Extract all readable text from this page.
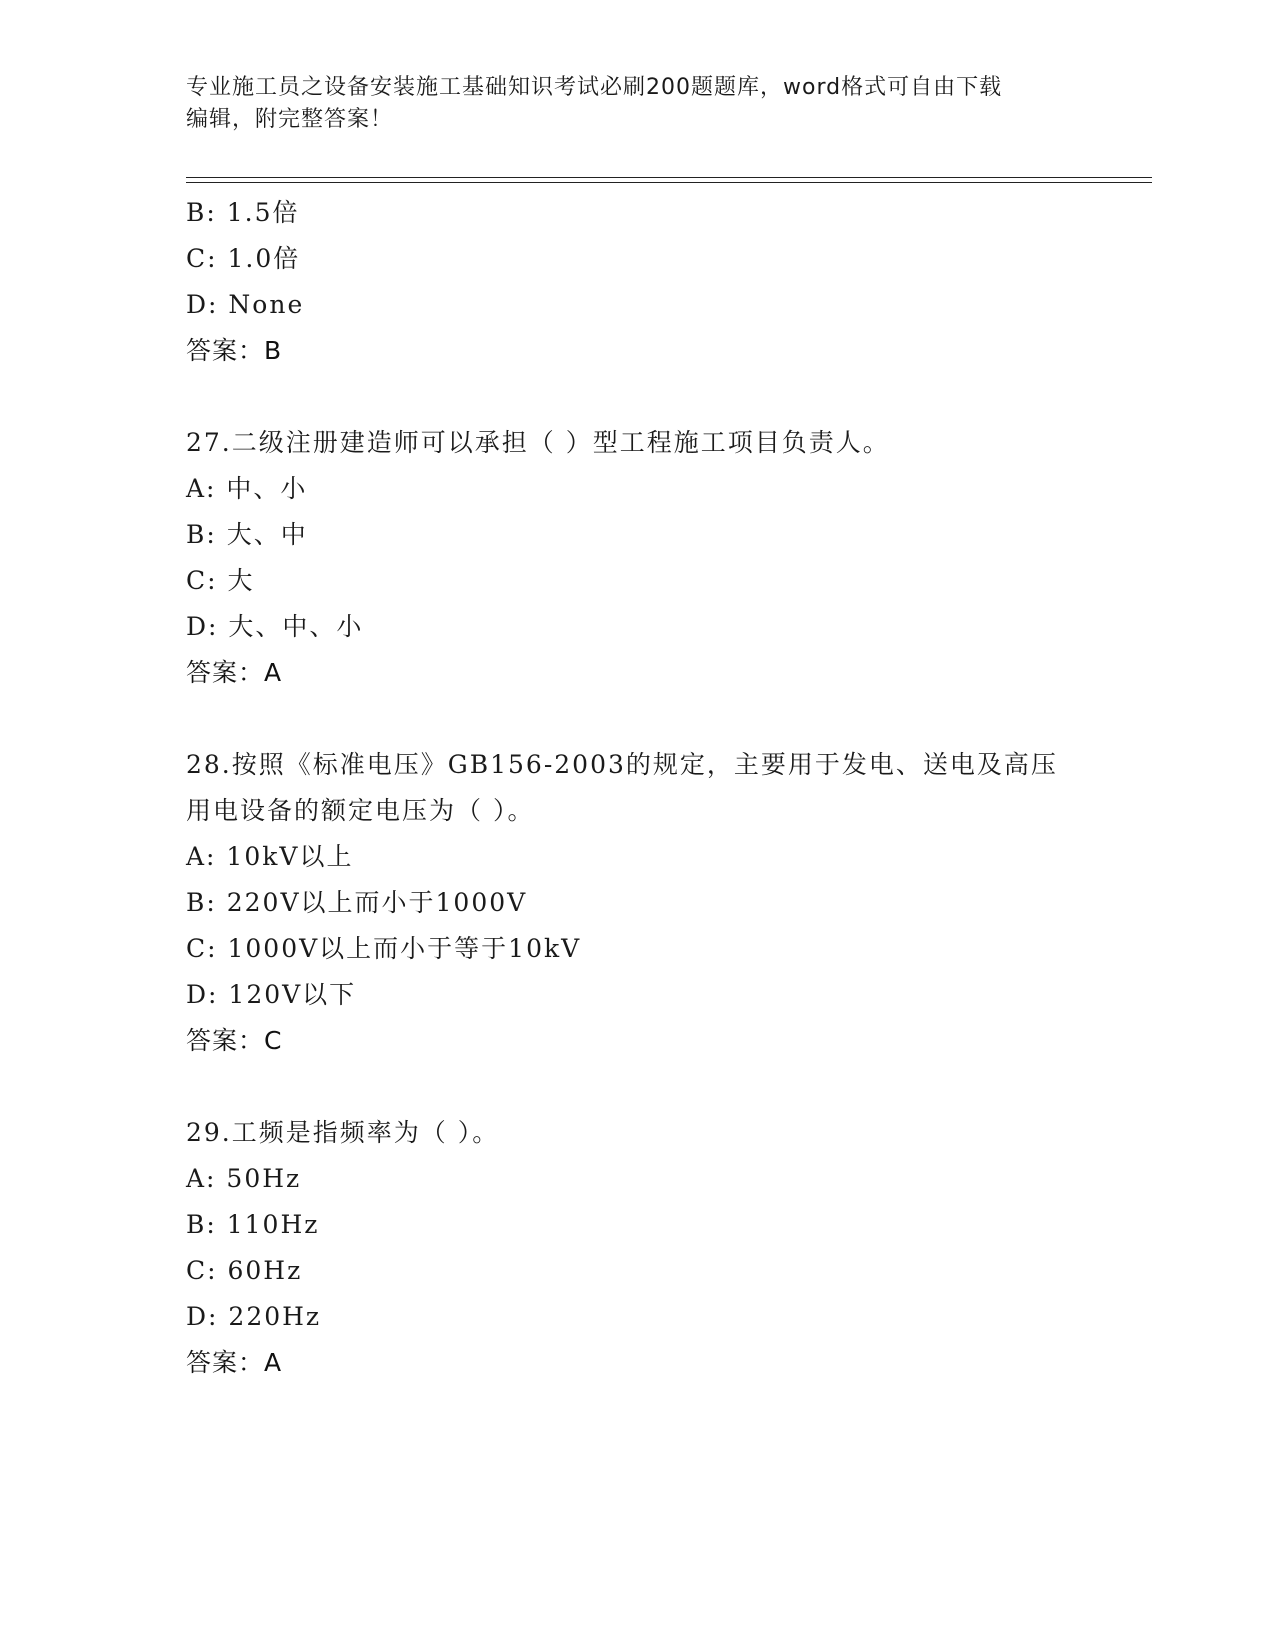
专业施工员之设备安装施工基础知识考试必刷200题题库，word格式可自由下载
编辑，附完整答案！
B: 1.5倍
C: 1.0倍
D: None
答案：B
27.二级注册建造师可以承担（ ）型工程施工项目负责人。
A: 中、小
B: 大、中
C: 大
D: 大、中、小
答案：A
28.按照《标准电压》GB156-2003的规定，主要用于发电、送电及高压
用电设备的额定电压为（ ）。
A: 10kV以上
B: 220V以上而小于1000V
C: 1000V以上而小于等于10kV
D: 120V以下
答案：C
29.工频是指频率为（ ）。
A: 50Hz
B: 110Hz
C: 60Hz
D: 220Hz
答案：A
